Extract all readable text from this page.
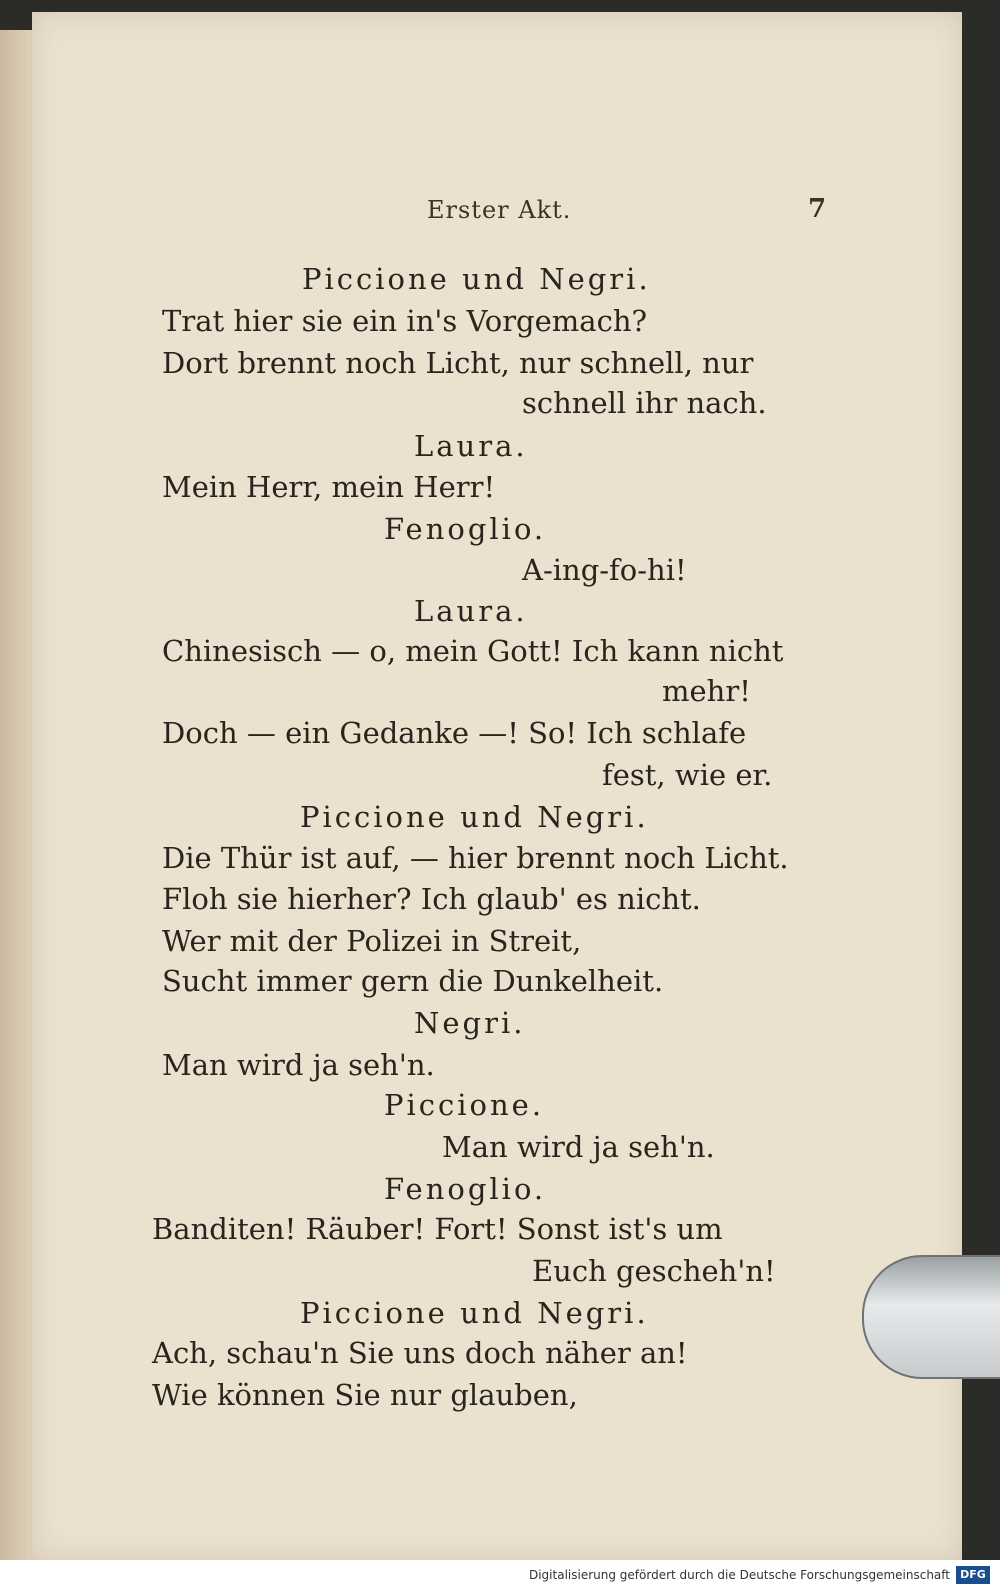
Erster Akt.	7
Piccione und Negri.
Trat hier sie ein in's Vorgemach?
Dort brennt noch Licht, nur schnell, nur
schnell ihr nach.
Laura.
Mein Herr, mein Herr!
Fenoglio.
A-ing-fo-hi!
Laura.
Chinesisch — o, mein Gott! Ich kann nicht
mehr!
Doch — ein Gedanke —! So! Ich schlafe
fest, wie er.
Piccione und Negri.
Die Thür ist auf, — hier brennt noch Licht.
Floh sie hierher? Ich glaub' es nicht.
Wer mit der Polizei in Streit,
Sucht immer gern die Dunkelheit.
Negri.
Man wird ja seh'n.
Piccione.
Man wird ja seh'n.
Fenoglio.
Banditen! Räuber! Fort! Sonst ist's um
Euch gescheh'n!
Piccione und Negri.
Ach, schau'n Sie uns doch näher an!
Wie können Sie nur glauben,
Digitalisierung gefördert durch die Deutsche Forschungsgemeinschaft DFG
